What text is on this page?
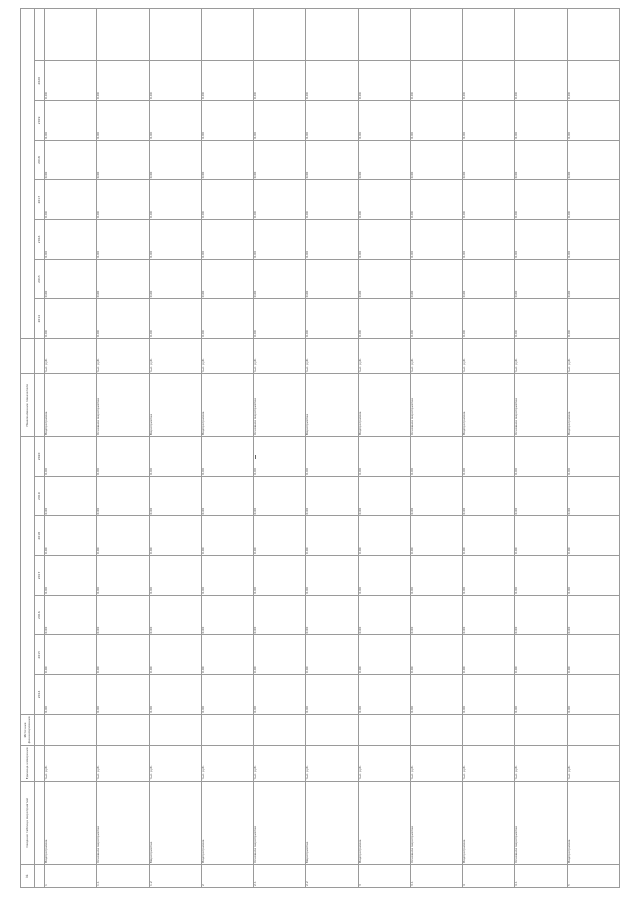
№	Сводная таблица мероприятий	Единица измерения	Источник финансирования								Наименование показателя									
				2014	2015	2016	2017	2018	2019	2020			2014	2015	2016	2017	2018	2019	2020	
1	Подпрограмма	тыс. руб.		0,00	0,00	0,00	0,00	0,00	0,00	0,00	Подпрограмма	тыс. руб.	0,00	0,00	0,00	0,00	0,00	0,00	0,00	
1.1	Основное мероприятие	тыс. руб.		0,00	0,00	0,00	0,00	0,00	0,00	0,00	Основное мероприятие	тыс. руб.	0,00	0,00	0,00	0,00	0,00	0,00	0,00	
1.2	Мероприятие	тыс. руб.		0,00	0,00	0,00	0,00	0,00	0,00	0,00	Мероприятие	тыс. руб.	0,00	0,00	0,00	0,00	0,00	0,00	0,00	
2	Подпрограмма	тыс. руб.		0,00	0,00	0,00	0,00	0,00	0,00	0,00	Подпрограмма	тыс. руб.	0,00	0,00	0,00	0,00	0,00	0,00	0,00	
2.1	Основное мероприятие	тыс. руб.		0,00	0,00	0,00	0,00	0,00	0,00	0,00	Основное мероприятие	тыс. руб.	0,00	0,00	0,00	0,00	0,00	0,00	0,00	
2.2	Мероприятие	тыс. руб.		0,00	0,00	0,00	0,00	0,00	0,00	0,00	Мероприятие	тыс. руб.	0,00	0,00	0,00	0,00	0,00	0,00	0,00	
3	Подпрограмма	тыс. руб.		0,00	0,00	0,00	0,00	0,00	0,00	0,00	Подпрограмма	тыс. руб.	0,00	0,00	0,00	0,00	0,00	0,00	0,00	
3.1	Основное мероприятие	тыс. руб.		0,00	0,00	0,00	0,00	0,00	0,00	0,00	Основное мероприятие	тыс. руб.	0,00	0,00	0,00	0,00	0,00	0,00	0,00	
4	Подпрограмма	тыс. руб.		0,00	0,00	0,00	0,00	0,00	0,00	0,00	Подпрограмма	тыс. руб.	0,00	0,00	0,00	0,00	0,00	0,00	0,00	
4.1	Основное мероприятие	тыс. руб.		0,00	0,00	0,00	0,00	0,00	0,00	0,00	Основное мероприятие	тыс. руб.	0,00	0,00	0,00	0,00	0,00	0,00	0,00	
5	Подпрограмма	тыс. руб.		0,00	0,00	0,00	0,00	0,00	0,00	0,00	Подпрограмма	тыс. руб.	0,00	0,00	0,00	0,00	0,00	0,00	0,00	
